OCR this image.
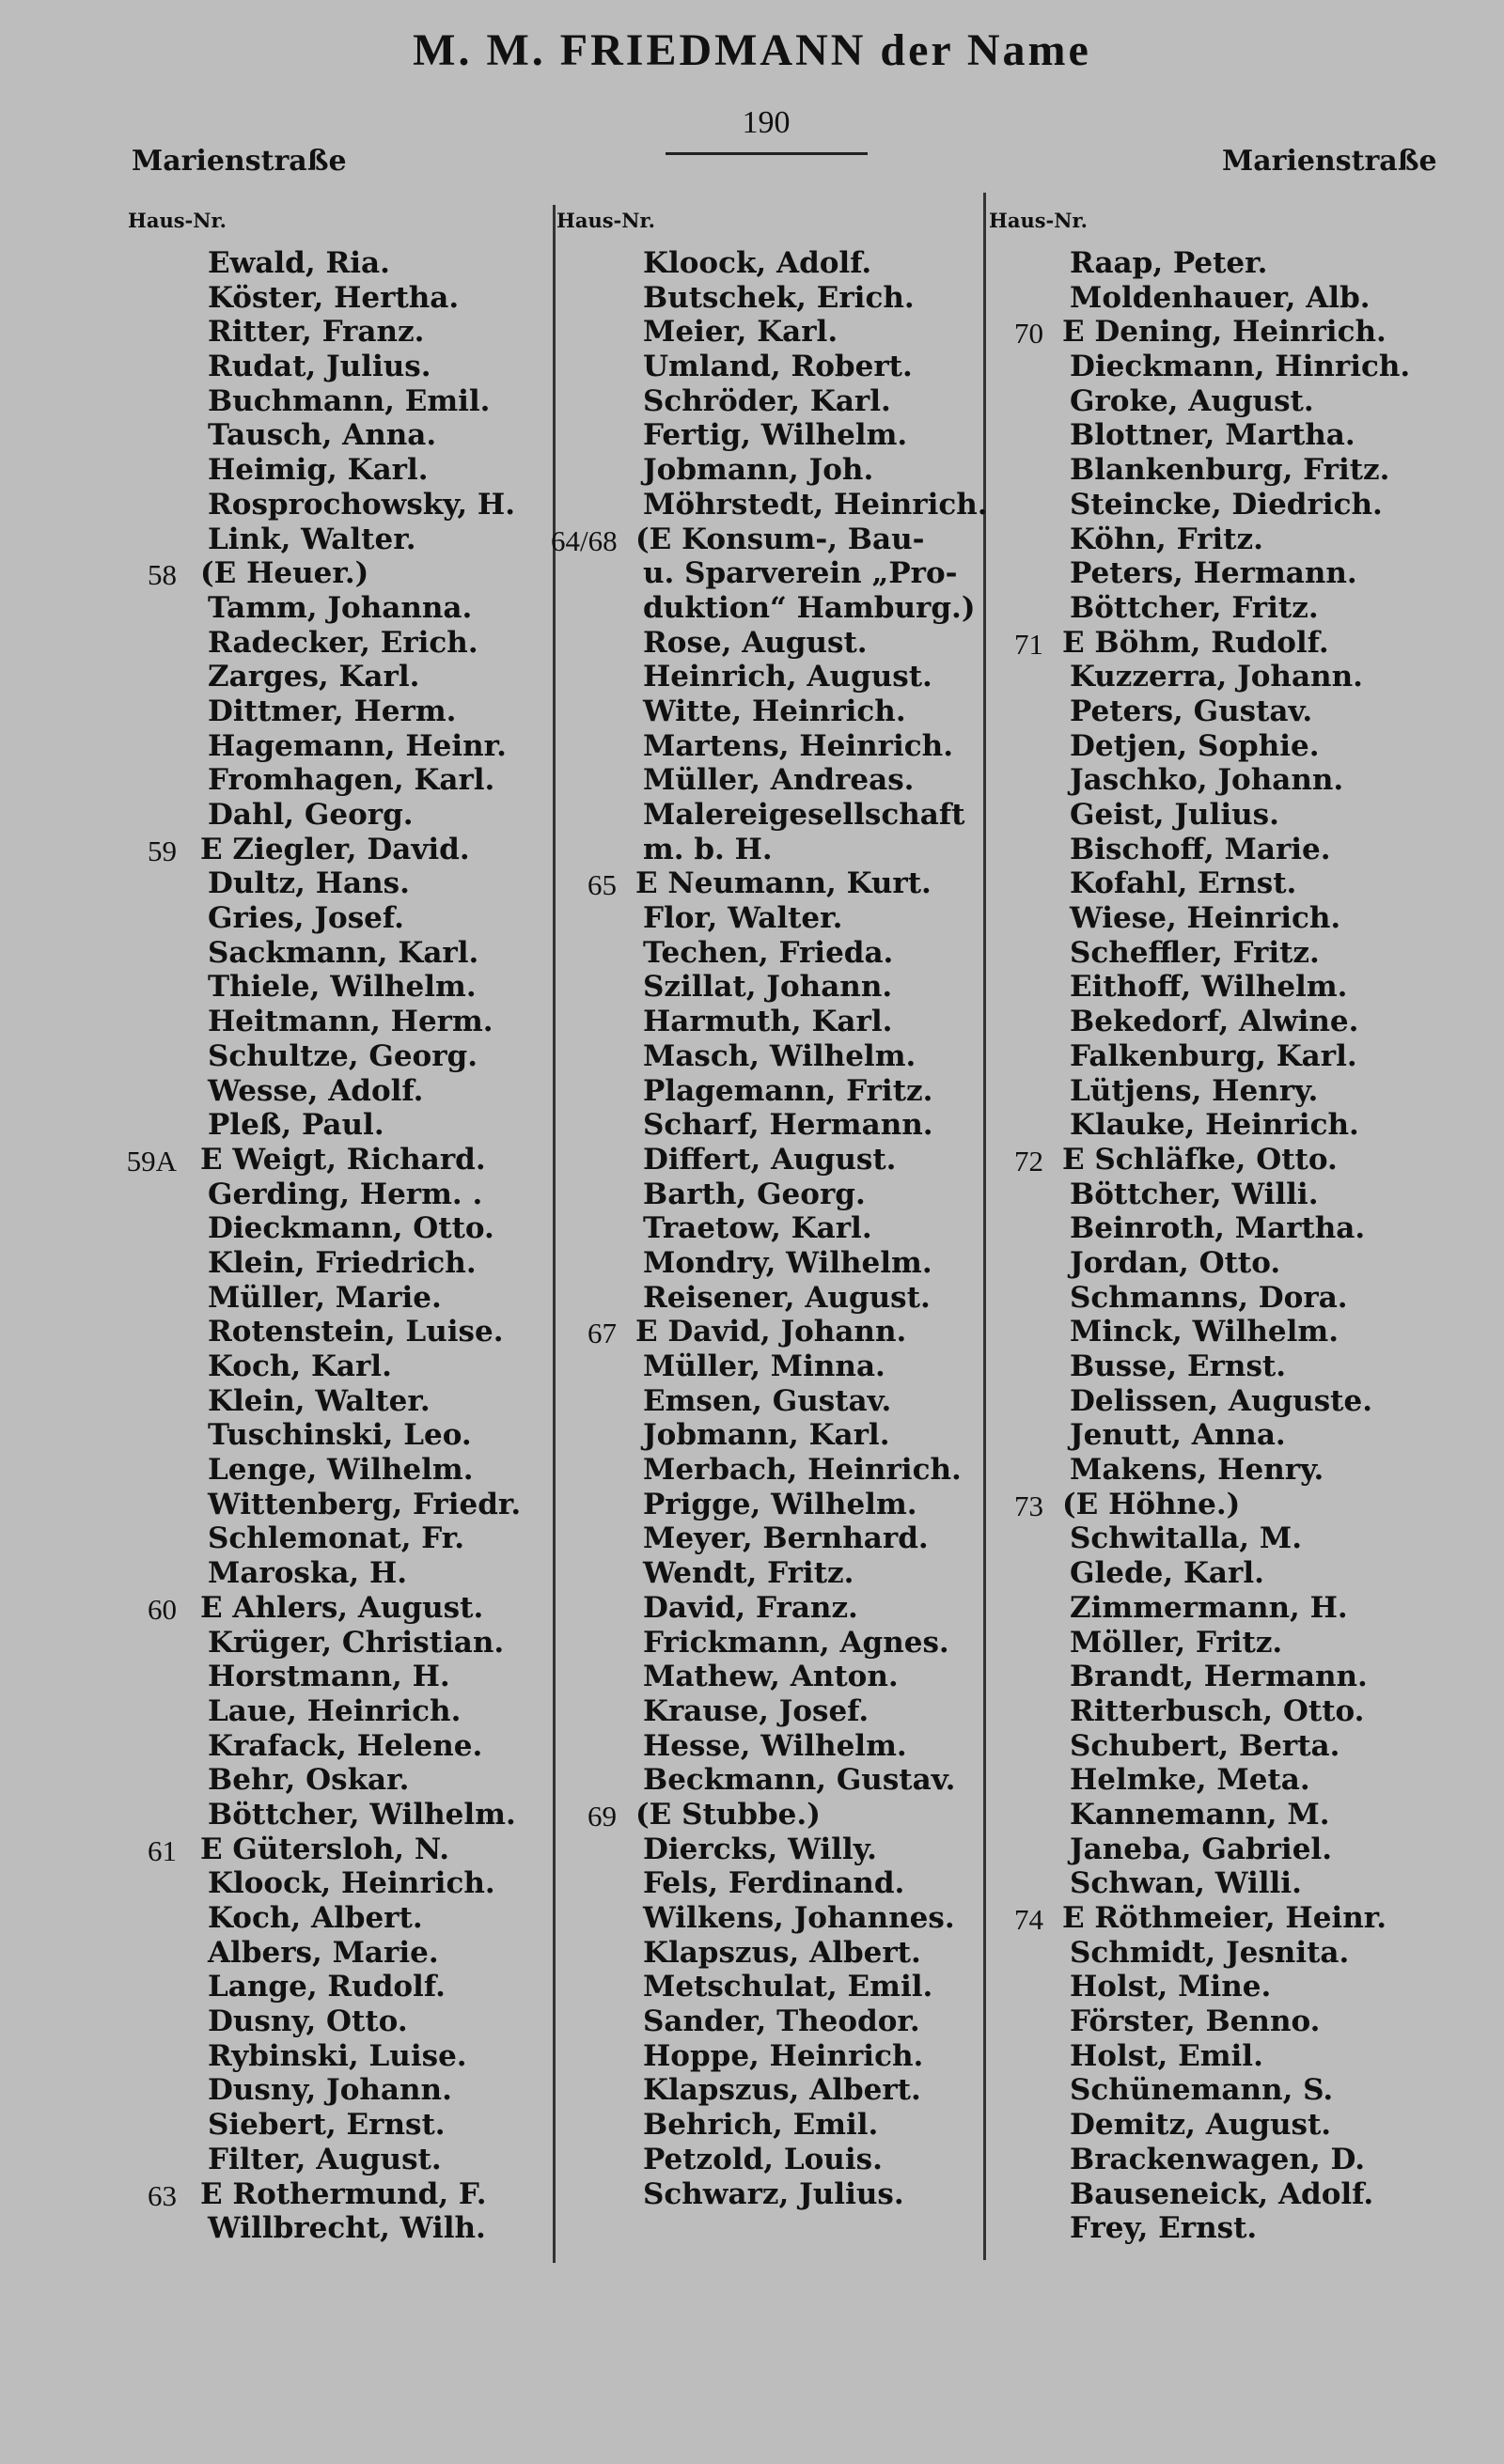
M. M. FRIEDMANN der Name
190
Marienstraße	Marienstraße
Haus-Nr.	Haus-Nr.	Haus-Nr.
Ewald, Ria.
Köster, Hertha.
Ritter, Franz.
Rudat, Julius.
Buchmann, Emil.
Tausch, Anna.
Heimig, Karl.
Rosprochowsky, H.
Link, Walter.
58 (E Heuer.)
Tamm, Johanna.
Radecker, Erich.
Zarges, Karl.
Dittmer, Herm.
Hagemann, Heinr.
Fromhagen, Karl.
Dahl, Georg.
59 E Ziegler, David.
Dultz, Hans.
Gries, Josef.
Sackmann, Karl.
Thiele, Wilhelm.
Heitmann, Herm.
Schultze, Georg.
Wesse, Adolf.
Pleß, Paul.
59A E Weigt, Richard.
Gerding, Herm. .
Dieckmann, Otto.
Klein, Friedrich.
Müller, Marie.
Rotenstein, Luise.
Koch, Karl.
Klein, Walter.
Tuschinski, Leo.
Lenge, Wilhelm.
Wittenberg, Friedr.
Schlemonat, Fr.
Maroska, H.
60 E Ahlers, August.
Krüger, Christian.
Horstmann, H.
Laue, Heinrich.
Krafack, Helene.
Behr, Oskar.
Böttcher, Wilhelm.
61 E Gütersloh, N.
Kloock, Heinrich.
Koch, Albert.
Albers, Marie.
Lange, Rudolf.
Dusny, Otto.
Rybinski, Luise.
Dusny, Johann.
Siebert, Ernst.
Filter, August.
63 E Rothermund, F.
Willbrecht, Wilh.
Kloock, Adolf.
Butschek, Erich.
Meier, Karl.
Umland, Robert.
Schröder, Karl.
Fertig, Wilhelm.
Jobmann, Joh.
Möhrstedt, Heinrich.
64/68 (E Konsum-, Bau-
u. Sparverein „Pro-
duktion“ Hamburg.)
Rose, August.
Heinrich, August.
Witte, Heinrich.
Martens, Heinrich.
Müller, Andreas.
Malereigesellschaft
m. b. H.
65 E Neumann, Kurt.
Flor, Walter.
Techen, Frieda.
Szillat, Johann.
Harmuth, Karl.
Masch, Wilhelm.
Plagemann, Fritz.
Scharf, Hermann.
Differt, August.
Barth, Georg.
Traetow, Karl.
Mondry, Wilhelm.
Reisener, August.
67 E David, Johann.
Müller, Minna.
Emsen, Gustav.
Jobmann, Karl.
Merbach, Heinrich.
Prigge, Wilhelm.
Meyer, Bernhard.
Wendt, Fritz.
David, Franz.
Frickmann, Agnes.
Mathew, Anton.
Krause, Josef.
Hesse, Wilhelm.
Beckmann, Gustav.
69 (E Stubbe.)
Diercks, Willy.
Fels, Ferdinand.
Wilkens, Johannes.
Klapszus, Albert.
Metschulat, Emil.
Sander, Theodor.
Hoppe, Heinrich.
Klapszus, Albert.
Behrich, Emil.
Petzold, Louis.
Schwarz, Julius.
Raap, Peter.
Moldenhauer, Alb.
70 E Dening, Heinrich.
Dieckmann, Hinrich.
Groke, August.
Blottner, Martha.
Blankenburg, Fritz.
Steincke, Diedrich.
Köhn, Fritz.
Peters, Hermann.
Böttcher, Fritz.
71 E Böhm, Rudolf.
Kuzzerra, Johann.
Peters, Gustav.
Detjen, Sophie.
Jaschko, Johann.
Geist, Julius.
Bischoff, Marie.
Kofahl, Ernst.
Wiese, Heinrich.
Scheffler, Fritz.
Eithoff, Wilhelm.
Bekedorf, Alwine.
Falkenburg, Karl.
Lütjens, Henry.
Klauke, Heinrich.
72 E Schläfke, Otto.
Böttcher, Willi.
Beinroth, Martha.
Jordan, Otto.
Schmanns, Dora.
Minck, Wilhelm.
Busse, Ernst.
Delissen, Auguste.
Jenutt, Anna.
Makens, Henry.
73 (E Höhne.)
Schwitalla, M.
Glede, Karl.
Zimmermann, H.
Möller, Fritz.
Brandt, Hermann.
Ritterbusch, Otto.
Schubert, Berta.
Helmke, Meta.
Kannemann, M.
Janeba, Gabriel.
Schwan, Willi.
74 E Röthmeier, Heinr.
Schmidt, Jesnita.
Holst, Mine.
Förster, Benno.
Holst, Emil.
Schünemann, S.
Demitz, August.
Brackenwagen, D.
Bauseneick, Adolf.
Frey, Ernst.
